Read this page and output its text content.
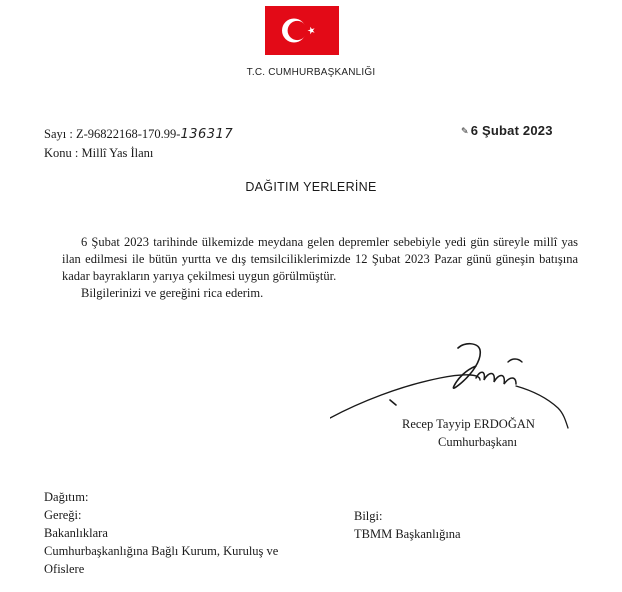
T.C. CUMHURBAŞKANLIĞI
Sayı : Z-96822168-170.99-136317
Konu : Millî Yas İlanı
✎ 6 Şubat 2023
DAĞITIM YERLERİNE

6 Şubat 2023 tarihinde ülkemizde meydana gelen depremler sebebiyle yedi gün süreyle millî yas ilan edilmesi ile bütün yurtta ve dış temsilciliklerimizde 12 Şubat 2023 Pazar günü güneşin batışına kadar bayrakların yarıya çekilmesi uygun görülmüştür.

Bilgilerinizi ve gereğini rica ederim.

Recep Tayyip ERDOĞAN
Cumhurbaşkanı
Dağıtım:
Gereği:
Bakanlıklara
Cumhurbaşkanlığına Bağlı Kurum, Kuruluş ve
Ofislere
Bilgi:
TBMM Başkanlığına
